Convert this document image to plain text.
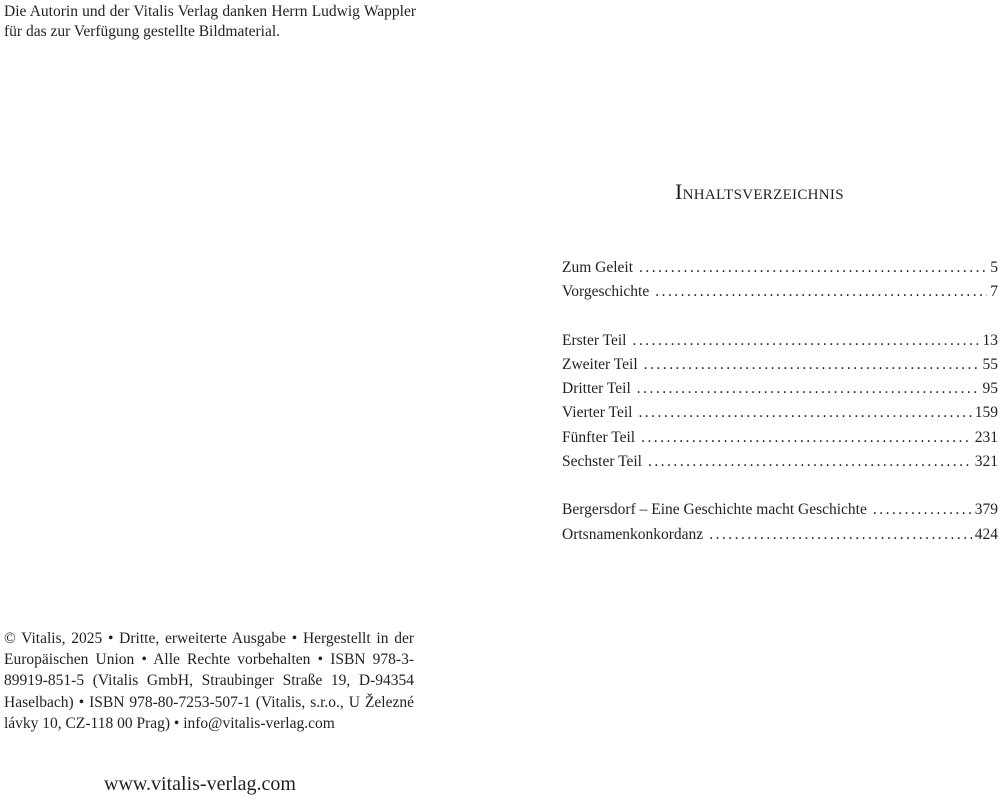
Die Autorin und der Vitalis Verlag danken Herrn Ludwig Wappler für das zur Verfügung gestellte Bildmaterial.

Inhaltsverzeichnis
Zum Geleit . . .	5
Vorgeschichte . . .	7
Erster Teil . . .	13
Zweiter Teil . . .	55
Dritter Teil . . .	95
Vierter Teil . . .	159
Fünfter Teil . . .	231
Sechster Teil . . .	321
Bergersdorf – Eine Geschichte macht Geschichte . . .	379
Ortsnamenkonkordanz . . .	424

© Vitalis, 2025 • Dritte, erweiterte Ausgabe • Hergestellt in der Europäischen Union • Alle Rechte vorbehalten • ISBN 978-3-89919-851-5 (Vitalis GmbH, Straubinger Straße 19, D-94354 Haselbach) • ISBN 978-80-7253-507-1 (Vitalis, s.r.o., U Železné lávky 10, CZ-118 00 Prag) • info@vitalis-verlag.com

www.vitalis-verlag.com
